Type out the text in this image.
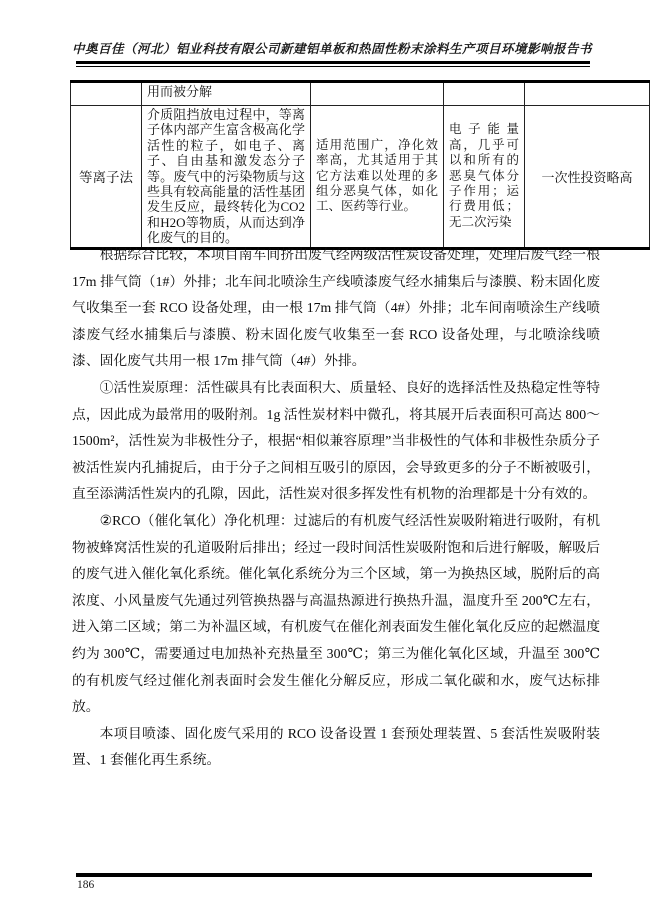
中奥百佳（河北）铝业科技有限公司新建铝单板和热固性粉末涂料生产项目环境影响报告书
	用而被分解			
等离子法	介质阻挡放电过程中，等离子体内部产生富含极高化学活性的粒子，如电子、离子、自由基和激发态分子等。废气中的污染物质与这些具有较高能量的活性基团发生反应，最终转化为CO2 和H2O等物质，从而达到净化废气的目的。	适用范围广，净化效率高，尤其适用于其它方法难以处理的多组分恶臭气体，如化工、医药等行业。	电子能量高，几乎可以和所有的恶臭气体分子作用；运行费用低；无二次污染	一次性投资略高

根据综合比较，本项目南车间挤出废气经两级活性炭设备处理，处理后废气经一根 17m 排气筒（1#）外排；北车间北喷涂生产线喷漆废气经水捕集后与漆膜、粉末固化废气收集至一套 RCO 设备处理，由一根 17m 排气筒（4#）外排；北车间南喷涂生产线喷漆废气经水捕集后与漆膜、粉末固化废气收集至一套 RCO 设备处理，与北喷涂线喷漆、固化废气共用一根 17m 排气筒（4#）外排。

①活性炭原理：活性碳具有比表面积大、质量轻、良好的选择活性及热稳定性等特点，因此成为最常用的吸附剂。1g 活性炭材料中微孔，将其展开后表面积可高达 800～1500m²，活性炭为非极性分子，根据“相似兼容原理”当非极性的气体和非极性杂质分子被活性炭内孔捕捉后，由于分子之间相互吸引的原因，会导致更多的分子不断被吸引，直至添满活性炭内的孔隙，因此，活性炭对很多挥发性有机物的治理都是十分有效的。

②RCO（催化氧化）净化机理：过滤后的有机废气经活性炭吸附箱进行吸附，有机物被蜂窝活性炭的孔道吸附后排出；经过一段时间活性炭吸附饱和后进行解吸，解吸后的废气进入催化氧化系统。催化氧化系统分为三个区域，第一为换热区域，脱附后的高浓度、小风量废气先通过列管换热器与高温热源进行换热升温，温度升至 200℃左右，进入第二区域；第二为补温区域，有机废气在催化剂表面发生催化氧化反应的起燃温度约为 300℃，需要通过电加热补充热量至 300℃；第三为催化氧化区域，升温至 300℃的有机废气经过催化剂表面时会发生催化分解反应，形成二氧化碳和水，废气达标排放。

本项目喷漆、固化废气采用的 RCO 设备设置 1 套预处理装置、5 套活性炭吸附装置、1 套催化再生系统。

186
